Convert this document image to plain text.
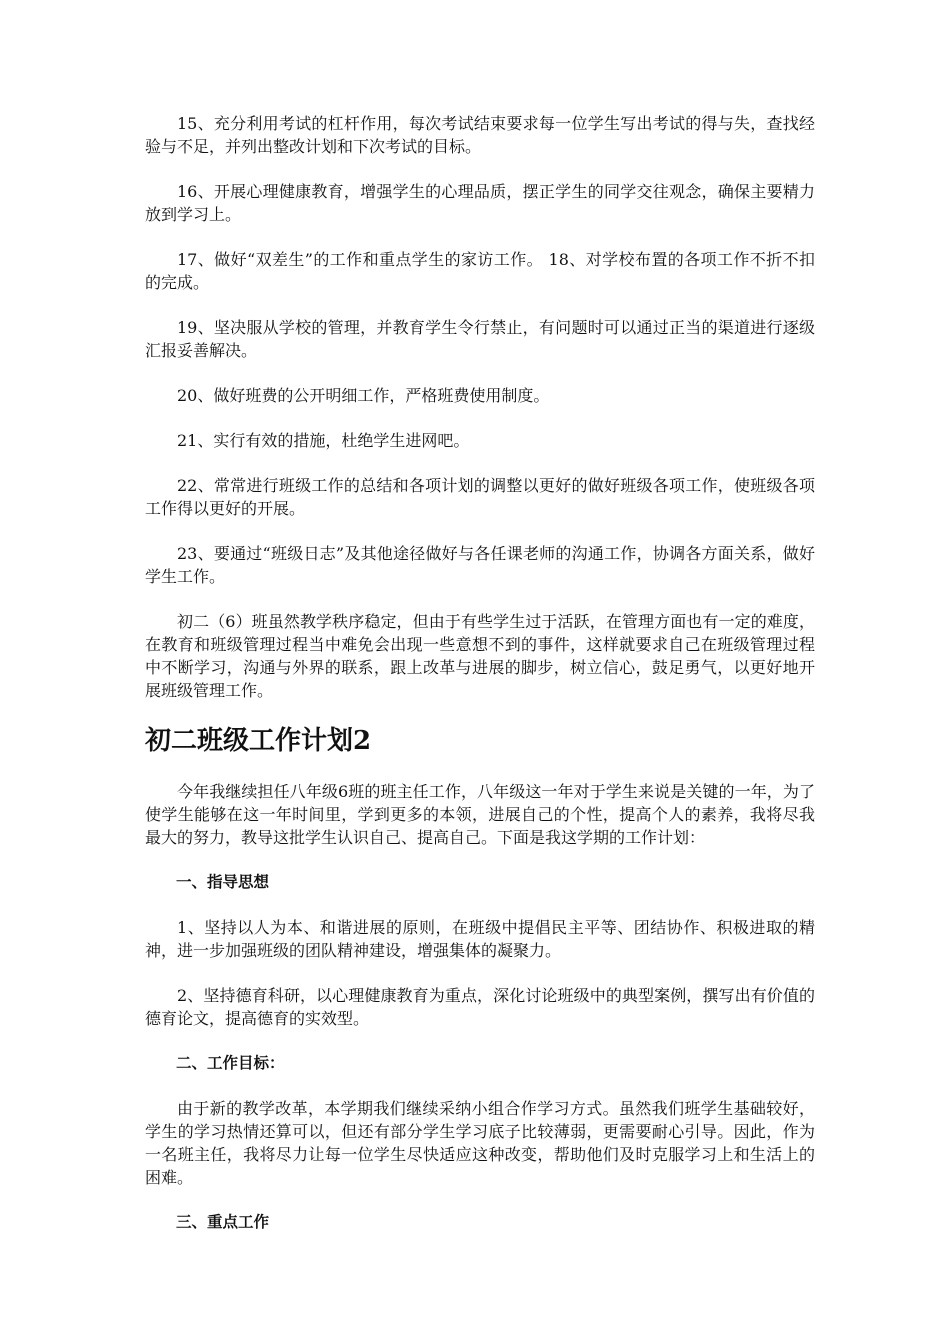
15、充分利用考试的杠杆作用，每次考试结束要求每一位学生写出考试的得与失，查找经验与不足，并列出整改计划和下次考试的目标。

16、开展心理健康教育，增强学生的心理品质，摆正学生的同学交往观念，确保主要精力放到学习上。

17、做好“双差生”的工作和重点学生的家访工作。 18、对学校布置的各项工作不折不扣的完成。

19、坚决服从学校的管理，并教育学生令行禁止，有问题时可以通过正当的渠道进行逐级汇报妥善解决。

20、做好班费的公开明细工作，严格班费使用制度。

21、实行有效的措施，杜绝学生进网吧。

22、常常进行班级工作的总结和各项计划的调整以更好的做好班级各项工作，使班级各项工作得以更好的开展。

23、要通过“班级日志”及其他途径做好与各任课老师的沟通工作，协调各方面关系，做好学生工作。

初二（6）班虽然教学秩序稳定，但由于有些学生过于活跃，在管理方面也有一定的难度，在教育和班级管理过程当中难免会出现一些意想不到的事件，这样就要求自己在班级管理过程中不断学习，沟通与外界的联系，跟上改革与进展的脚步，树立信心，鼓足勇气，以更好地开展班级管理工作。

初二班级工作计划2

今年我继续担任八年级6班的班主任工作，八年级这一年对于学生来说是关键的一年，为了使学生能够在这一年时间里，学到更多的本领，进展自己的个性，提高个人的素养，我将尽我最大的努力，教导这批学生认识自己、提高自己。下面是我这学期的工作计划：

一、指导思想

1、坚持以人为本、和谐进展的原则，在班级中提倡民主平等、团结协作、积极进取的精神，进一步加强班级的团队精神建设，增强集体的凝聚力。

2、坚持德育科研，以心理健康教育为重点，深化讨论班级中的典型案例，撰写出有价值的德育论文，提高德育的实效型。

二、工作目标：

由于新的教学改革，本学期我们继续采纳小组合作学习方式。虽然我们班学生基础较好，学生的学习热情还算可以，但还有部分学生学习底子比较薄弱，更需要耐心引导。因此，作为一名班主任，我将尽力让每一位学生尽快适应这种改变，帮助他们及时克服学习上和生活上的困难。

三、重点工作
